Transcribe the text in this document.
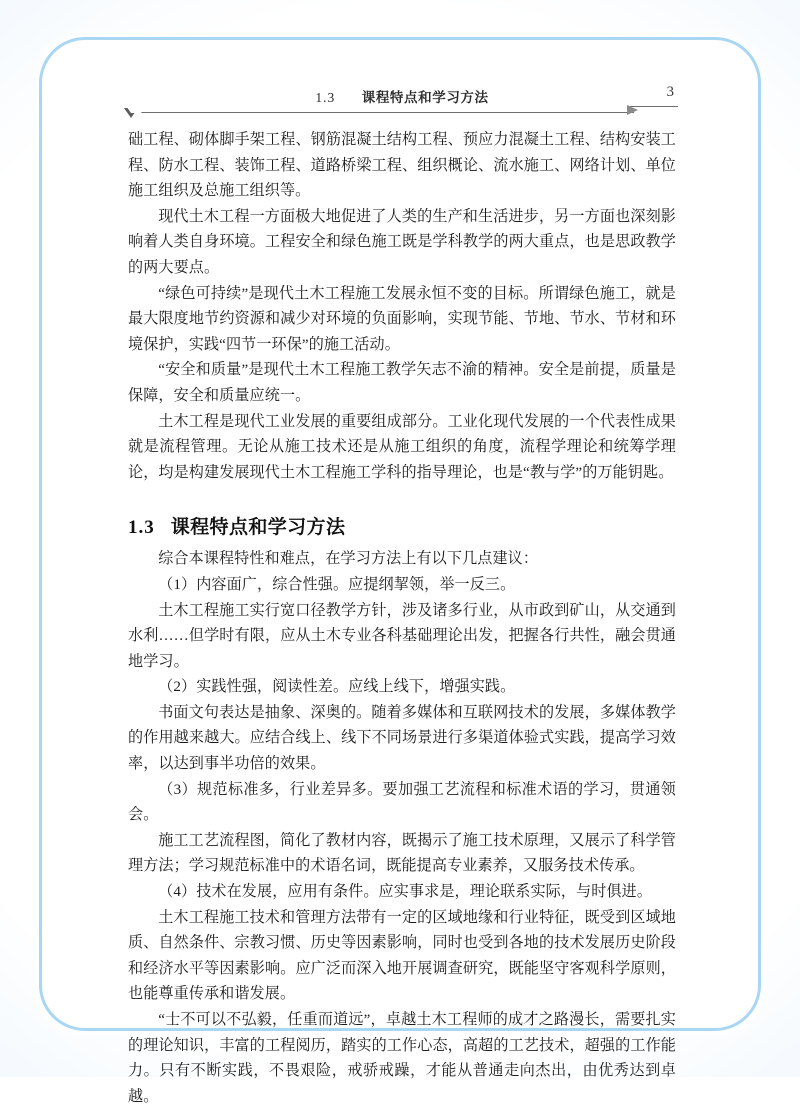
1.3 课程特点和学习方法	3

础工程、砌体脚手架工程、钢筋混凝土结构工程、预应力混凝土工程、结构安装工程、防水工程、装饰工程、道路桥梁工程、组织概论、流水施工、网络计划、单位施工组织及总施工组织等。

现代土木工程一方面极大地促进了人类的生产和生活进步，另一方面也深刻影响着人类自身环境。工程安全和绿色施工既是学科教学的两大重点，也是思政教学的两大要点。

“绿色可持续”是现代土木工程施工发展永恒不变的目标。所谓绿色施工，就是最大限度地节约资源和减少对环境的负面影响，实现节能、节地、节水、节材和环境保护，实践“四节一环保”的施工活动。

“安全和质量”是现代土木工程施工教学矢志不渝的精神。安全是前提，质量是保障，安全和质量应统一。

土木工程是现代工业发展的重要组成部分。工业化现代发展的一个代表性成果就是流程管理。无论从施工技术还是从施工组织的角度，流程学理论和统筹学理论，均是构建发展现代土木工程施工学科的指导理论，也是“教与学”的万能钥匙。

1.3 课程特点和学习方法

综合本课程特性和难点，在学习方法上有以下几点建议：

（1）内容面广，综合性强。应提纲挈领，举一反三。

土木工程施工实行宽口径教学方针，涉及诸多行业，从市政到矿山，从交通到水利……但学时有限，应从土木专业各科基础理论出发，把握各行共性，融会贯通地学习。

（2）实践性强，阅读性差。应线上线下，增强实践。

书面文句表达是抽象、深奥的。随着多媒体和互联网技术的发展，多媒体教学的作用越来越大。应结合线上、线下不同场景进行多渠道体验式实践，提高学习效率，以达到事半功倍的效果。

（3）规范标准多，行业差异多。要加强工艺流程和标准术语的学习，贯通领会。

施工工艺流程图，简化了教材内容，既揭示了施工技术原理，又展示了科学管理方法；学习规范标准中的术语名词，既能提高专业素养，又服务技术传承。

（4）技术在发展，应用有条件。应实事求是，理论联系实际，与时俱进。

土木工程施工技术和管理方法带有一定的区域地缘和行业特征，既受到区域地质、自然条件、宗教习惯、历史等因素影响，同时也受到各地的技术发展历史阶段和经济水平等因素影响。应广泛而深入地开展调查研究，既能坚守客观科学原则，也能尊重传承和谐发展。

“士不可以不弘毅，任重而道远”，卓越土木工程师的成才之路漫长，需要扎实的理论知识，丰富的工程阅历，踏实的工作心态，高超的工艺技术，超强的工作能力。只有不断实践，不畏艰险，戒骄戒躁，才能从普通走向杰出，由优秀达到卓越。
